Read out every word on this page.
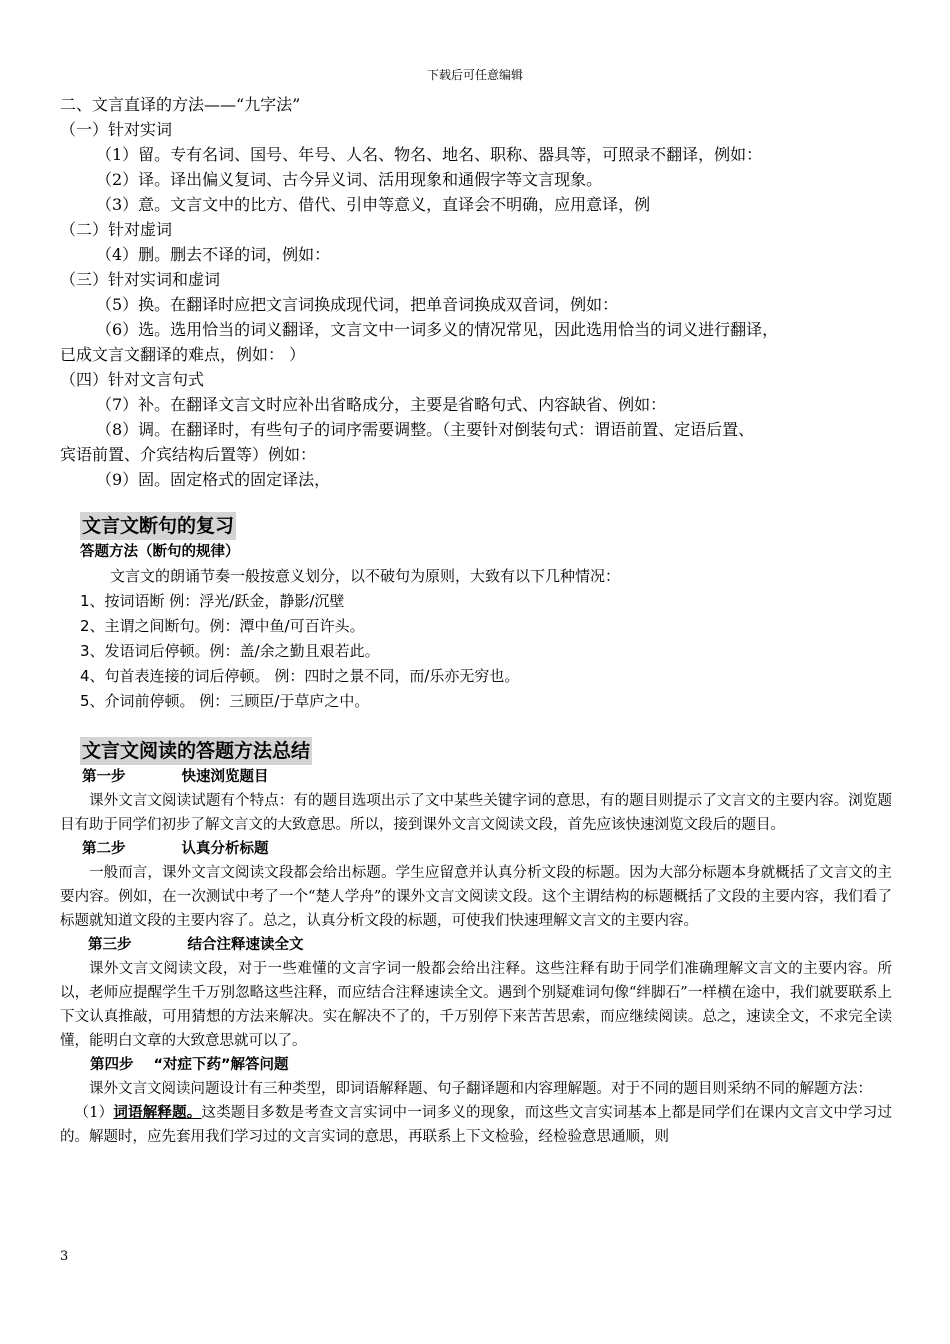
下载后可任意编辑
二、文言直译的方法——“九字法”
（一）针对实词
（1）留。专有名词、国号、年号、人名、物名、地名、职称、器具等，可照录不翻译，例如：
（2）译。译出偏义复词、古今异义词、活用现象和通假字等文言现象。
（3）意。文言文中的比方、借代、引申等意义，直译会不明确，应用意译，例
（二）针对虚词
（4）删。删去不译的词，例如：
（三）针对实词和虚词
（5）换。在翻译时应把文言词换成现代词，把单音词换成双音词，例如：
（6）选。选用恰当的词义翻译，文言文中一词多义的情况常见，因此选用恰当的词义进行翻译，
已成文言文翻译的难点，例如： ）
（四）针对文言句式
（7）补。在翻译文言文时应补出省略成分，主要是省略句式、内容缺省、例如：
（8）调。在翻译时，有些句子的词序需要调整。（主要针对倒装句式：谓语前置、定语后置、
宾语前置、介宾结构后置等）例如：
（9）固。固定格式的固定译法，
文言文断句的复习
答题方法（断句的规律）
文言文的朗诵节奏一般按意义划分，以不破句为原则，大致有以下几种情况：
1、按词语断 例：浮光/跃金，静影/沉壁
2、主谓之间断句。例：潭中鱼/可百许头。
3、发语词后停顿。例：盖/余之勤且艰若此。
4、句首表连接的词后停顿。 例：四时之景不同，而/乐亦无穷也。
5、介词前停顿。 例：三顾臣/于草庐之中。
文言文阅读的答题方法总结
第一步	快速浏览题目
课外文言文阅读试题有个特点：有的题目选项出示了文中某些关键字词的意思，有的题目则提示了文言文的主要内容。浏览题目有助于同学们初步了解文言文的大致意思。所以，接到课外文言文阅读文段，首先应该快速浏览文段后的题目。
第二步	认真分析标题
一般而言，课外文言文阅读文段都会给出标题。学生应留意并认真分析文段的标题。因为大部分标题本身就概括了文言文的主要内容。例如，在一次测试中考了一个“楚人学舟”的课外文言文阅读文段。这个主谓结构的标题概括了文段的主要内容，我们看了标题就知道文段的主要内容了。总之，认真分析文段的标题，可使我们快速理解文言文的主要内容。
第三步	结合注释速读全文
课外文言文阅读文段，对于一些难懂的文言字词一般都会给出注释。这些注释有助于同学们准确理解文言文的主要内容。所以，老师应提醒学生千万别忽略这些注释，而应结合注释速读全文。遇到个别疑难词句像“绊脚石”一样横在途中，我们就要联系上下文认真推敲，可用猜想的方法来解决。实在解决不了的，千万别停下来苦苦思索，而应继续阅读。总之，速读全文，不求完全读懂，能明白文章的大致意思就可以了。
第四步 “对症下药”解答问题
课外文言文阅读问题设计有三种类型，即词语解释题、句子翻译题和内容理解题。对于不同的题目则采纳不同的解题方法：
（1）词语解释题。这类题目多数是考查文言实词中一词多义的现象，而这些文言实词基本上都是同学们在课内文言文中学习过的。解题时，应先套用我们学习过的文言实词的意思，再联系上下文检验，经检验意思通顺，则
3
